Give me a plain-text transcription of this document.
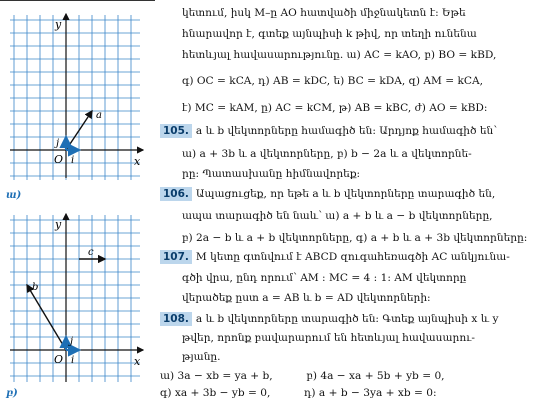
y
x
O
a
j
i
ա)
y
x
O
b
c
j
i
բ)
կետում, իսկ M–ը AO հատվածի միջնակետն է: Եթե
հնարավոր է, գտեք այնպիսի k թիվ, որ տեղի ունենա
հետևյալ հավասարությունը. ա) AC = kAO, բ) BO = kBD,
գ) OC = kCA, դ) AB = kDC, ե) BC = kDA, զ) AM = kCA,
է) MC = kAM, ը) AC = kCM, թ) AB = kBC, ժ) AO = kBD:
105. a և b վեկտորները համագիծ են: Արդյոք համագիծ են՝
ա) a + 3b և a վեկտորները, բ) b − 2a և a վեկտորնե-
րը: Պատասխանը հիմնավորեք:
106. Ապացուցեք, որ եթե a և b վեկտորները տարագիծ են,
ապա տարագիծ են նաև՝ ա) a + b և a − b վեկտորները,
բ) 2a − b և a + b վեկտորները, գ) a + b և a + 3b վեկտորները:
107. M կետը գտնվում է ABCD զուգահեռագծի AC անկյունա-
գծի վրա, ընդ որում՝ AM : MC = 4 : 1: AM վեկտորը
վերածեք ըստ a = AB և b = AD վեկտորների:
108. a և b վեկտորները տարագիծ են: Գտեք այնպիսի x և y
թվեր, որոնք բավարարում են հետևյալ հավասարու-
թյանը.
ա) 3a − xb = ya + b,          բ) 4a − xa + 5b + yb = 0,
գ) xa + 3b − yb = 0,          դ) a + b − 3ya + xb = 0:
